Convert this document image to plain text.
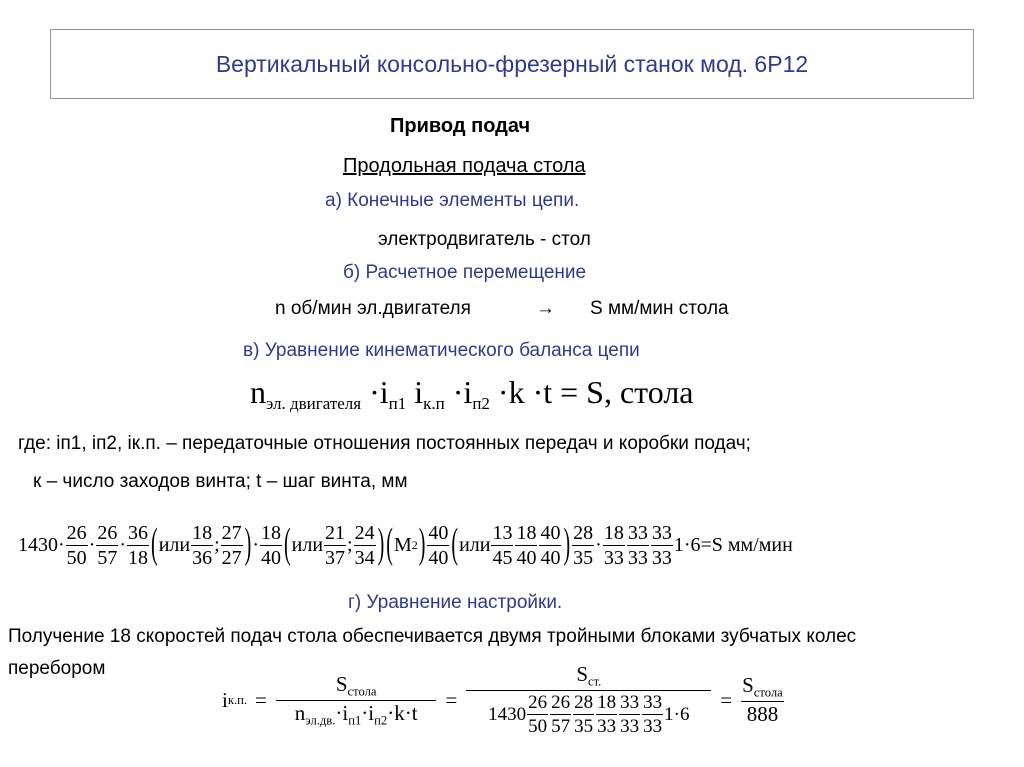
Вертикальный консольно-фрезерный станок мод. 6Р12
Привод подач
Продольная подача стола
а) Конечные элементы цепи.
электродвигатель - стол
б) Расчетное перемещение
n об/мин эл.двигателя	→ S мм/мин стола
в) Уравнение кинематического баланса цепи
$n_{эл. двигателя} \cdot i_{п1}$ $i_{к.п} \cdot i_{п2} \cdot k \cdot t = S$, стола
где: iп1, iп2, iк.п. – передаточные отношения постоянных передач и коробки подач;
к – число заходов винта; t – шаг винта, мм
$1430 \cdot \frac{26}{50} \cdot \frac{26}{57} \cdot \frac{36}{18}$ ( или $\frac{18}{36}$ ; $\frac{27}{27}$ ) · $\frac{18}{40}$ ( или $\frac{21}{37}$ ; $\frac{24}{34}$ ) ( M 2 ) $\frac{40}{40}$ ( или $\frac{13}{45} \frac{18}{40} \frac{40}{40}$ ) $\frac{28}{35} \cdot \frac{18}{33} \frac{33}{33} \frac{33}{33} 1\cdot 6 = S$ мм/мин
г) Уравнение настройки.
Получение 18 скоростей подач стола обеспечивается двумя тройными блоками зубчатых колес
перебором
i к.п. = $\frac{S_{стола}}{n_{эл.дв.}\cdot i_{п1}\cdot i_{п2}\cdot k\cdot t}$ =
$S_{ст.}$
$1430 \frac{26}{50} \frac{26}{57} \frac{28}{35} \frac{18}{33} \frac{33}{33} \frac{33}{33} 1\cdot 6$
= $\frac{S_{стола}}{888}$
